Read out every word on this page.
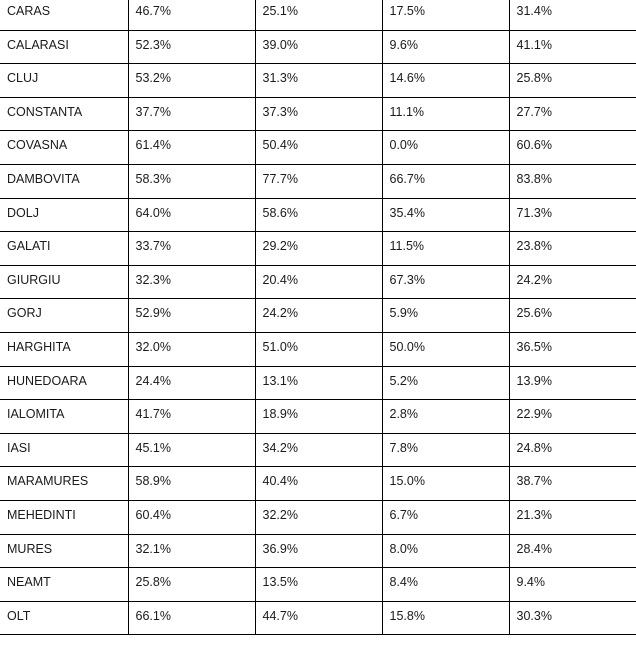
CARAS	46.7%	25.1%	17.5%	31.4%
CALARASI	52.3%	39.0%	9.6%	41.1%
CLUJ	53.2%	31.3%	14.6%	25.8%
CONSTANTA	37.7%	37.3%	11.1%	27.7%
COVASNA	61.4%	50.4%	0.0%	60.6%
DAMBOVITA	58.3%	77.7%	66.7%	83.8%
DOLJ	64.0%	58.6%	35.4%	71.3%
GALATI	33.7%	29.2%	11.5%	23.8%
GIURGIU	32.3%	20.4%	67.3%	24.2%
GORJ	52.9%	24.2%	5.9%	25.6%
HARGHITA	32.0%	51.0%	50.0%	36.5%
HUNEDOARA	24.4%	13.1%	5.2%	13.9%
IALOMITA	41.7%	18.9%	2.8%	22.9%
IASI	45.1%	34.2%	7.8%	24.8%
MARAMURES	58.9%	40.4%	15.0%	38.7%
MEHEDINTI	60.4%	32.2%	6.7%	21.3%
MURES	32.1%	36.9%	8.0%	28.4%
NEAMT	25.8%	13.5%	8.4%	9.4%
OLT	66.1%	44.7%	15.8%	30.3%
